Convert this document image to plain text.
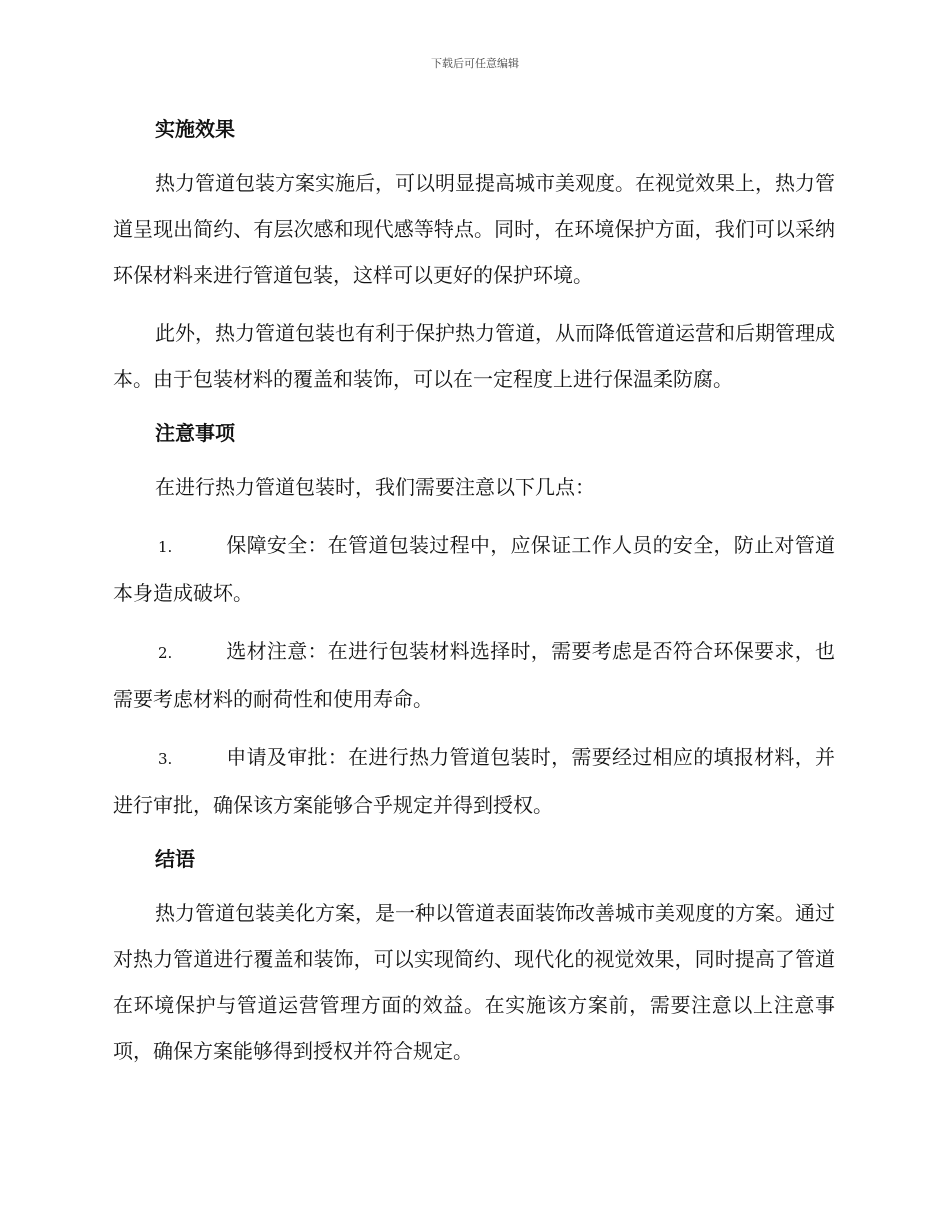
下载后可任意编辑
实施效果
热力管道包装方案实施后，可以明显提高城市美观度。在视觉效果上，热力管道呈现出简约、有层次感和现代感等特点。同时，在环境保护方面，我们可以采纳环保材料来进行管道包装，这样可以更好的保护环境。
此外，热力管道包装也有利于保护热力管道，从而降低管道运营和后期管理成本。由于包装材料的覆盖和装饰，可以在一定程度上进行保温柔防腐。
注意事项
在进行热力管道包装时，我们需要注意以下几点：
1.	保障安全：在管道包装过程中，应保证工作人员的安全，防止对管道本身造成破坏。
2.	选材注意：在进行包装材料选择时，需要考虑是否符合环保要求，也需要考虑材料的耐荷性和使用寿命。
3.	申请及审批：在进行热力管道包装时，需要经过相应的填报材料，并进行审批，确保该方案能够合乎规定并得到授权。
结语
热力管道包装美化方案，是一种以管道表面装饰改善城市美观度的方案。通过对热力管道进行覆盖和装饰，可以实现简约、现代化的视觉效果，同时提高了管道在环境保护与管道运营管理方面的效益。在实施该方案前，需要注意以上注意事项，确保方案能够得到授权并符合规定。
